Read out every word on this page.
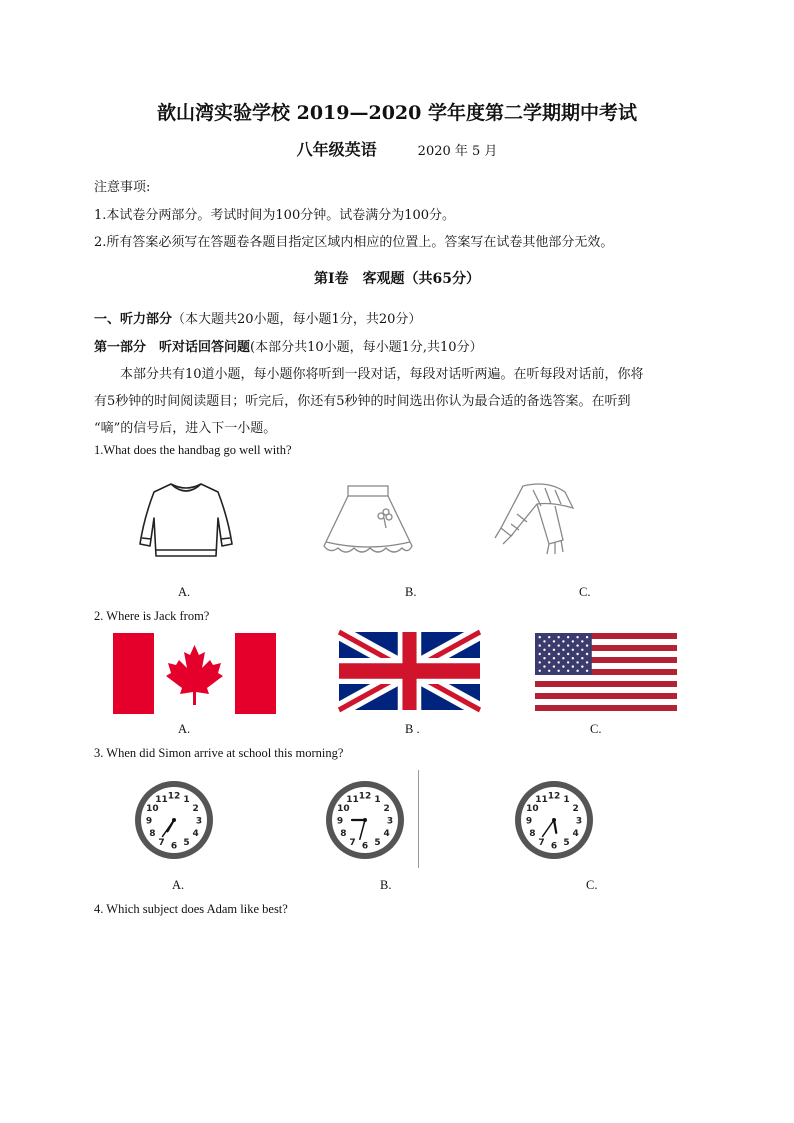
歆山湾实验学校 2019—2020 学年度第二学期期中考试
八年级英语	2020 年 5 月
注意事项:
1.本试卷分两部分。考试时间为100分钟。试卷满分为100分。
2.所有答案必须写在答题卷各题目指定区域内相应的位置上。答案写在试卷其他部分无效。
第Ⅰ卷　客观题（共65分）
一、听力部分（本大题共20小题，每小题1分，共20分）
第一部分　听对话回答问题(本部分共10小题，每小题1分,共10分）
本部分共有10道小题，每小题你将听到一段对话，每段对话听两遍。在听每段对话前，你将
有5秒钟的时间阅读题目；听完后，你还有5秒钟的时间选出你认为最合适的备选答案。在听到
“嘀”的信号后，进入下一小题。
1.What does the handbag go well with?
A.	B.	C.
2. Where is Jack from?
A.	B .	C.
3. When did Simon arrive at school this morning?
1
2
3
4
5
6
7
8
9
10
11 12	1
2
3
4
5
6
7
8
9
10
11 12	1
2
3
4
5
6
7
8
9
10
11 12
A.	B.	C.
4. Which subject does Adam like best?
